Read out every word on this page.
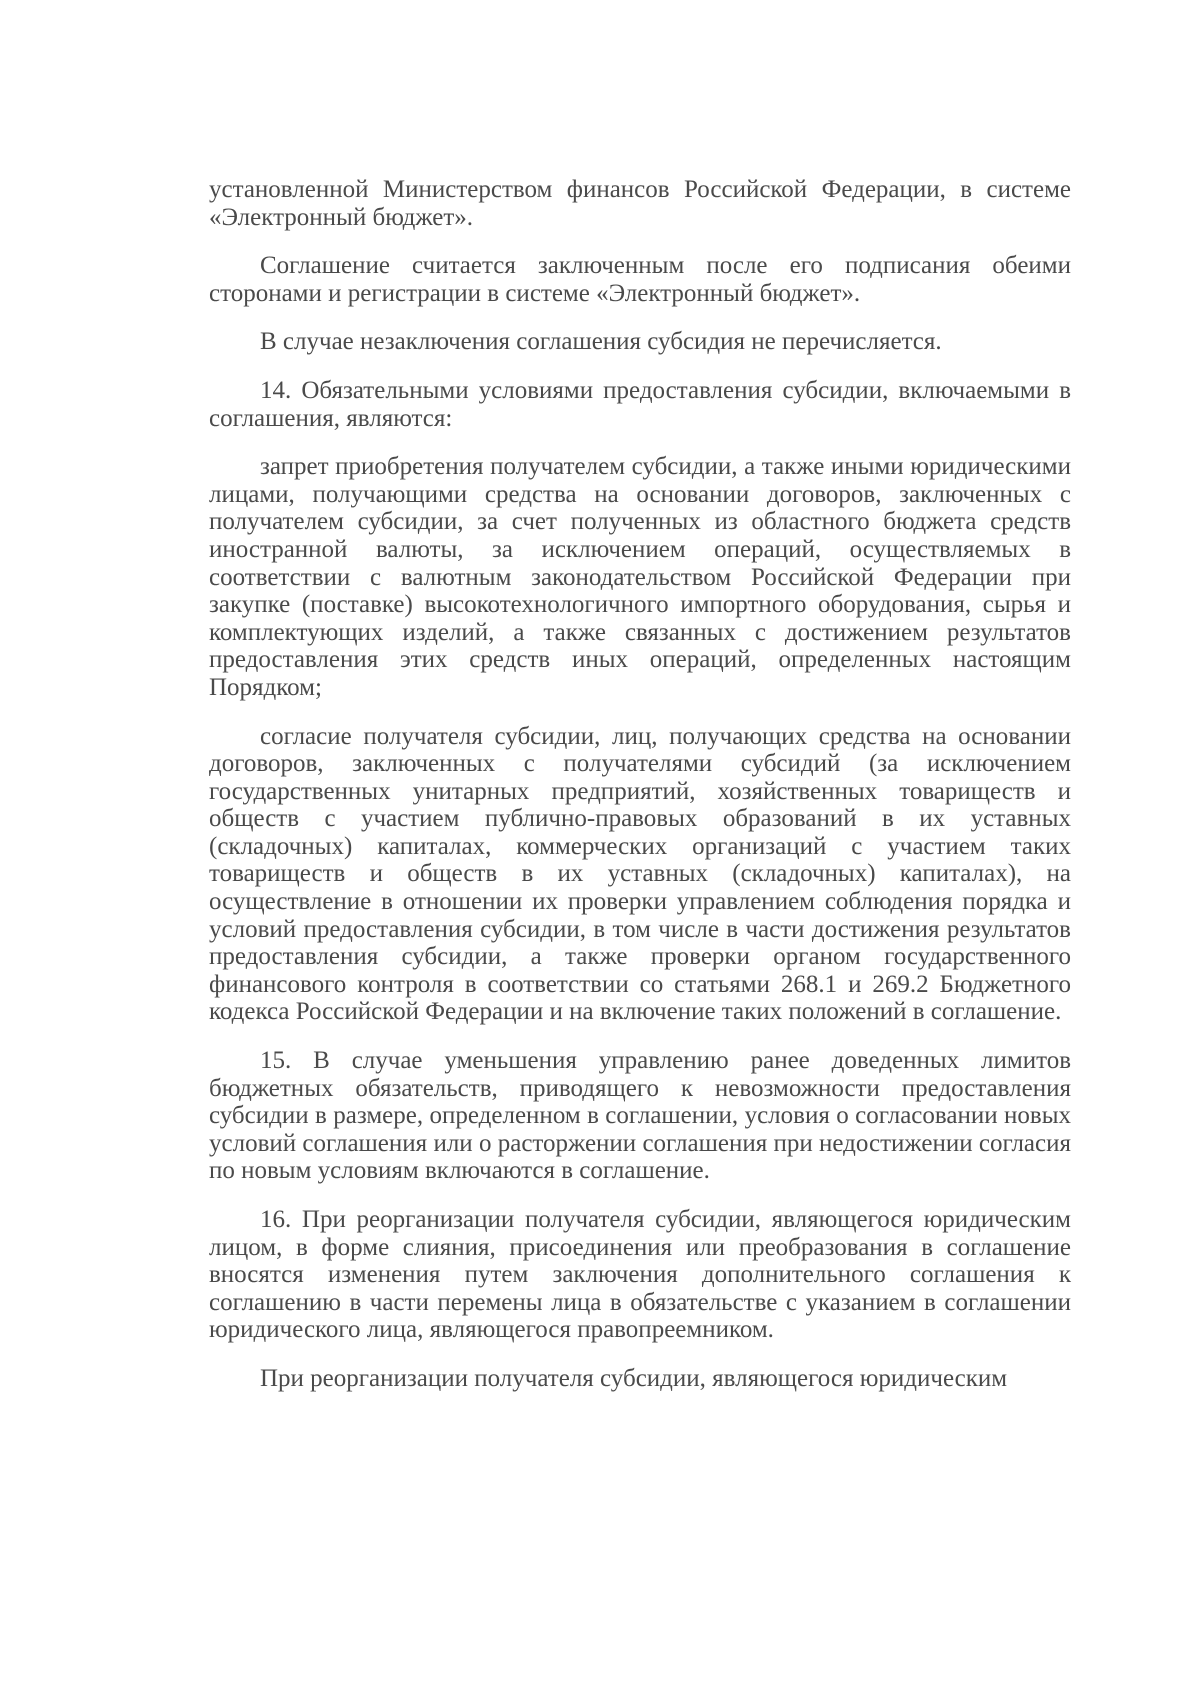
установленной Министерством финансов Российской Федерации, в системе «Электронный бюджет».

Соглашение считается заключенным после его подписания обеими сторонами и регистрации в системе «Электронный бюджет».

В случае незаключения соглашения субсидия не перечисляется.

14. Обязательными условиями предоставления субсидии, включаемыми в соглашения, являются:

запрет приобретения получателем субсидии, а также иными юридическими лицами, получающими средства на основании договоров, заключенных с получателем субсидии, за счет полученных из областного бюджета средств иностранной валюты, за исключением операций, осуществляемых в соответствии с валютным законодательством Российской Федерации при закупке (поставке) высокотехнологичного импортного оборудования, сырья и комплектующих изделий, а также связанных с достижением результатов предоставления этих средств иных операций, определенных настоящим Порядком;

согласие получателя субсидии, лиц, получающих средства на основании договоров, заключенных с получателями субсидий (за исключением государственных унитарных предприятий, хозяйственных товариществ и обществ с участием публично-правовых образований в их уставных (складочных) капиталах, коммерческих организаций с участием таких товариществ и обществ в их уставных (складочных) капиталах), на осуществление в отношении их проверки управлением соблюдения порядка и условий предоставления субсидии, в том числе в части достижения результатов предоставления субсидии, а также проверки органом государственного финансового контроля в соответствии со статьями 268.1 и 269.2 Бюджетного кодекса Российской Федерации и на включение таких положений в соглашение.

15. В случае уменьшения управлению ранее доведенных лимитов бюджетных обязательств, приводящего к невозможности предоставления субсидии в размере, определенном в соглашении, условия о согласовании новых условий соглашения или о расторжении соглашения при недостижении согласия по новым условиям включаются в соглашение.

16. При реорганизации получателя субсидии, являющегося юридическим лицом, в форме слияния, присоединения или преобразования в соглашение вносятся изменения путем заключения дополнительного соглашения к соглашению в части перемены лица в обязательстве с указанием в соглашении юридического лица, являющегося правопреемником.

При реорганизации получателя субсидии, являющегося юридическим
